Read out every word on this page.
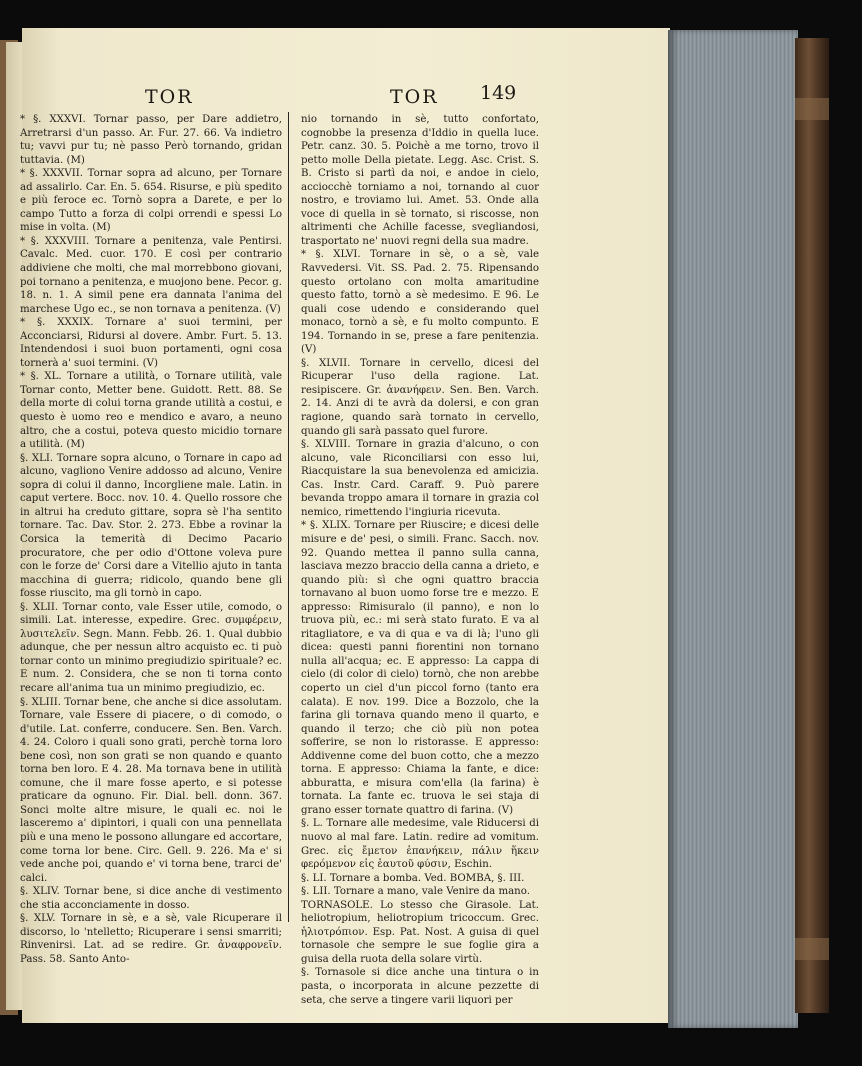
TOR	TOR 149

* §. XXXVI. Tornar passo, per Dare addietro, Arretrarsi d'un passo. Ar. Fur. 27. 66. Va indietro tu; vavvi pur tu; nè passo Però tornando, gridan tuttavia. (M)

* §. XXXVII. Tornar sopra ad alcuno, per Tornare ad assalirlo. Car. En. 5. 654. Risurse, e più spedito e più feroce ec. Tornò sopra a Darete, e per lo campo Tutto a forza di colpi orrendi e spessi Lo mise in volta. (M)

* §. XXXVIII. Tornare a penitenza, vale Pentirsi. Cavalc. Med. cuor. 170. E così per contrario addiviene che molti, che mal morrebbono giovani, poi tornano a penitenza, e muojono bene. Pecor. g. 18. n. 1. A simil pene era dannata l'anima del marchese Ugo ec., se non tornava a penitenza. (V)

* §. XXXIX. Tornare a' suoi termini, per Acconciarsi, Ridursi al dovere. Ambr. Furt. 5. 13. Intendendosi i suoi buon portamenti, ogni cosa tornerà a' suoi termini. (V)

* §. XL. Tornare a utilità, o Tornare utilità, vale Tornar conto, Metter bene. Guidott. Rett. 88. Se della morte di colui torna grande utilità a costui, e questo è uomo reo e mendico e avaro, a neuno altro, che a costui, poteva questo micidio tornare a utilità. (M)

§. XLI. Tornare sopra alcuno, o Tornare in capo ad alcuno, vagliono Venire addosso ad alcuno, Venire sopra di colui il danno, Incorgliene male. Latin. in caput vertere. Bocc. nov. 10. 4. Quello rossore che in altrui ha creduto gittare, sopra sè l'ha sentito tornare. Tac. Dav. Stor. 2. 273. Ebbe a rovinar la Corsica la temerità di Decimo Pacario procuratore, che per odio d'Ottone voleva pure con le forze de' Corsi dare a Vitellio ajuto in tanta macchina di guerra; ridicolo, quando bene gli fosse riuscito, ma gli tornò in capo.

§. XLII. Tornar conto, vale Esser utile, comodo, o simili. Lat. interesse, expedire. Grec. συμφέρειν, λυσιτελεῖν. Segn. Mann. Febb. 26. 1. Qual dubbio adunque, che per nessun altro acquisto ec. ti può tornar conto un minimo pregiudizio spirituale? ec. E num. 2. Considera, che se non ti torna conto recare all'anima tua un minimo pregiudizio, ec.

§. XLIII. Tornar bene, che anche si dice assolutam. Tornare, vale Essere di piacere, o di comodo, o d'utile. Lat. conferre, conducere. Sen. Ben. Varch. 4. 24. Coloro i quali sono grati, perchè torna loro bene così, non son grati se non quando e quanto torna ben loro. E 4. 28. Ma tornava bene in utilità comune, che il mare fosse aperto, e si potesse praticare da ognuno. Fir. Dial. bell. donn. 367. Sonci molte altre misure, le quali ec. noi le lasceremo a' dipintori, i quali con una pennellata più e una meno le possono allungare ed accortare, come torna lor bene. Circ. Gell. 9. 226. Ma e' si vede anche poi, quando e' vi torna bene, trarci de' calci.

§. XLIV. Tornar bene, si dice anche di vestimento che stia acconciamente in dosso.

§. XLV. Tornare in sè, e a sè, vale Ricuperare il discorso, lo 'ntelletto; Ricuperare i sensi smarriti; Rinvenirsi. Lat. ad se redire. Gr. ἀναφρονεῖν. Pass. 58. Santo Anto-

nio tornando in sè, tutto confortato, cognobbe la presenza d'Iddio in quella luce. Petr. canz. 30. 5. Poichè a me torno, trovo il petto molle Della pietate. Legg. Asc. Crist. S. B. Cristo si partì da noi, e andoe in cielo, acciocchè torniamo a noi, tornando al cuor nostro, e troviamo lui. Amet. 53. Onde alla voce di quella in sè tornato, si riscosse, non altrimenti che Achille facesse, svegliandosi, trasportato ne' nuovi regni della sua madre.

* §. XLVI. Tornare in sè, o a sè, vale Ravvedersi. Vit. SS. Pad. 2. 75. Ripensando questo ortolano con molta amaritudine questo fatto, tornò a sè medesimo. E 96. Le quali cose udendo e considerando quel monaco, tornò a sè, e fu molto compunto. E 194. Tornando in se, prese a fare penitenzia. (V)

§. XLVII. Tornare in cervello, dicesi del Ricuperar l'uso della ragione. Lat. resipiscere. Gr. ἀνανήφειν. Sen. Ben. Varch. 2. 14. Anzi di te avrà da dolersi, e con gran ragione, quando sarà tornato in cervello, quando gli sarà passato quel furore.

§. XLVIII. Tornare in grazia d'alcuno, o con alcuno, vale Riconciliarsi con esso lui, Riacquistare la sua benevolenza ed amicizia. Cas. Instr. Card. Caraff. 9. Può parere bevanda troppo amara il tornare in grazia col nemico, rimettendo l'ingiuria ricevuta.

* §. XLIX. Tornare per Riuscire; e dicesi delle misure e de' pesi, o simili. Franc. Sacch. nov. 92. Quando mettea il panno sulla canna, lasciava mezzo braccio della canna a drieto, e quando più: sì che ogni quattro braccia tornavano al buon uomo forse tre e mezzo. E appresso: Rimisuralo (il panno), e non lo truova più, ec.: mi serà stato furato. E va al ritagliatore, e va di qua e va di là; l'uno gli dicea: questi panni fiorentini non tornano nulla all'acqua; ec. E appresso: La cappa di cielo (di color di cielo) tornò, che non arebbe coperto un ciel d'un piccol forno (tanto era calata). E nov. 199. Dice a Bozzolo, che la farina gli tornava quando meno il quarto, e quando il terzo; che ciò più non potea sofferire, se non lo ristorasse. E appresso: Addivenne come del buon cotto, che a mezzo torna. E appresso: Chiama la fante, e dice: abburatta, e misura com'ella (la farina) è tornata. La fante ec. truova le sei staja di grano esser tornate quattro di farina. (V)

§. L. Tornare alle medesime, vale Riducersi di nuovo al mal fare. Latin. redire ad vomitum. Grec. εἰς ἔμετον ἐπανήκειν, πάλιν ἥκειν φερόμενον εἰς ἑαυτοῦ φύσιν, Eschin.

§. LI. Tornare a bomba. Ved. BOMBA, §. III.

§. LII. Tornare a mano, vale Venire da mano.

TORNASOLE. Lo stesso che Girasole. Lat. heliotropium, heliotropium tricoccum. Grec. ἡλιοτρόπιον. Esp. Pat. Nost. A guisa di quel tornasole che sempre le sue foglie gira a guisa della ruota della solare virtù.

§. Tornasole si dice anche una tintura o in pasta, o incorporata in alcune pezzette di seta, che serve a tingere varii liquori per
